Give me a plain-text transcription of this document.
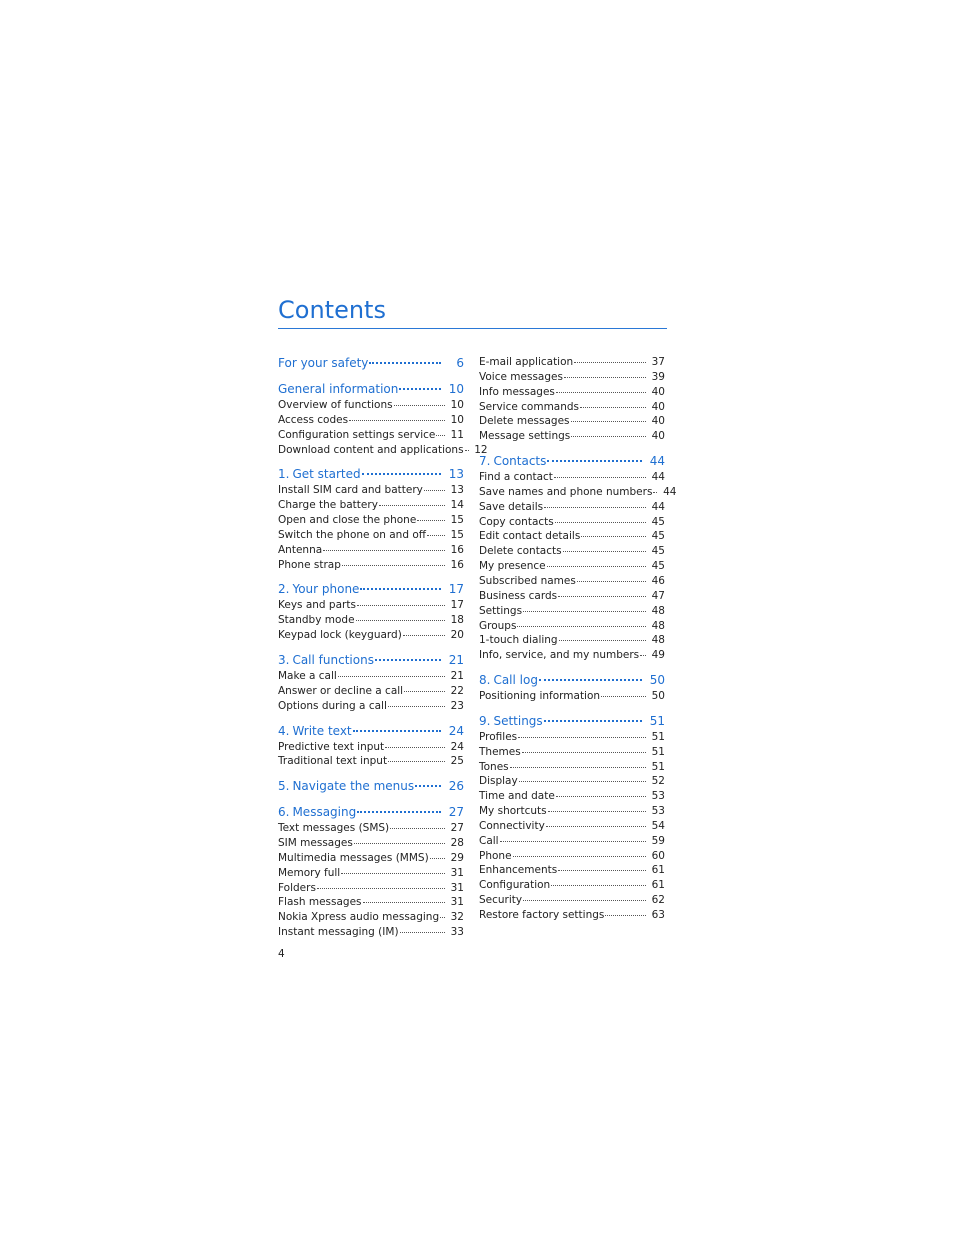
Contents
For your safety	6
General information	10
Overview of functions	10
Access codes	10
Configuration settings service	11
Download content and applications	12
1. Get started	13
Install SIM card and battery	13
Charge the battery	14
Open and close the phone	15
Switch the phone on and off	15
Antenna	16
Phone strap	16
2. Your phone	17
Keys and parts	17
Standby mode	18
Keypad lock (keyguard)	20
3. Call functions	21
Make a call	21
Answer or decline a call	22
Options during a call	23
4. Write text	24
Predictive text input	24
Traditional text input	25
5. Navigate the menus	26
6. Messaging	27
Text messages (SMS)	27
SIM messages	28
Multimedia messages (MMS)	29
Memory full	31
Folders	31
Flash messages	31
Nokia Xpress audio messaging	32
Instant messaging (IM)	33
E-mail application	37
Voice messages	39
Info messages	40
Service commands	40
Delete messages	40
Message settings	40
7. Contacts	44
Find a contact	44
Save names and phone numbers	44
Save details	44
Copy contacts	45
Edit contact details	45
Delete contacts	45
My presence	45
Subscribed names	46
Business cards	47
Settings	48
Groups	48
1-touch dialing	48
Info, service, and my numbers	49
8. Call log	50
Positioning information	50
9. Settings	51
Profiles	51
Themes	51
Tones	51
Display	52
Time and date	53
My shortcuts	53
Connectivity	54
Call	59
Phone	60
Enhancements	61
Configuration	61
Security	62
Restore factory settings	63
4
